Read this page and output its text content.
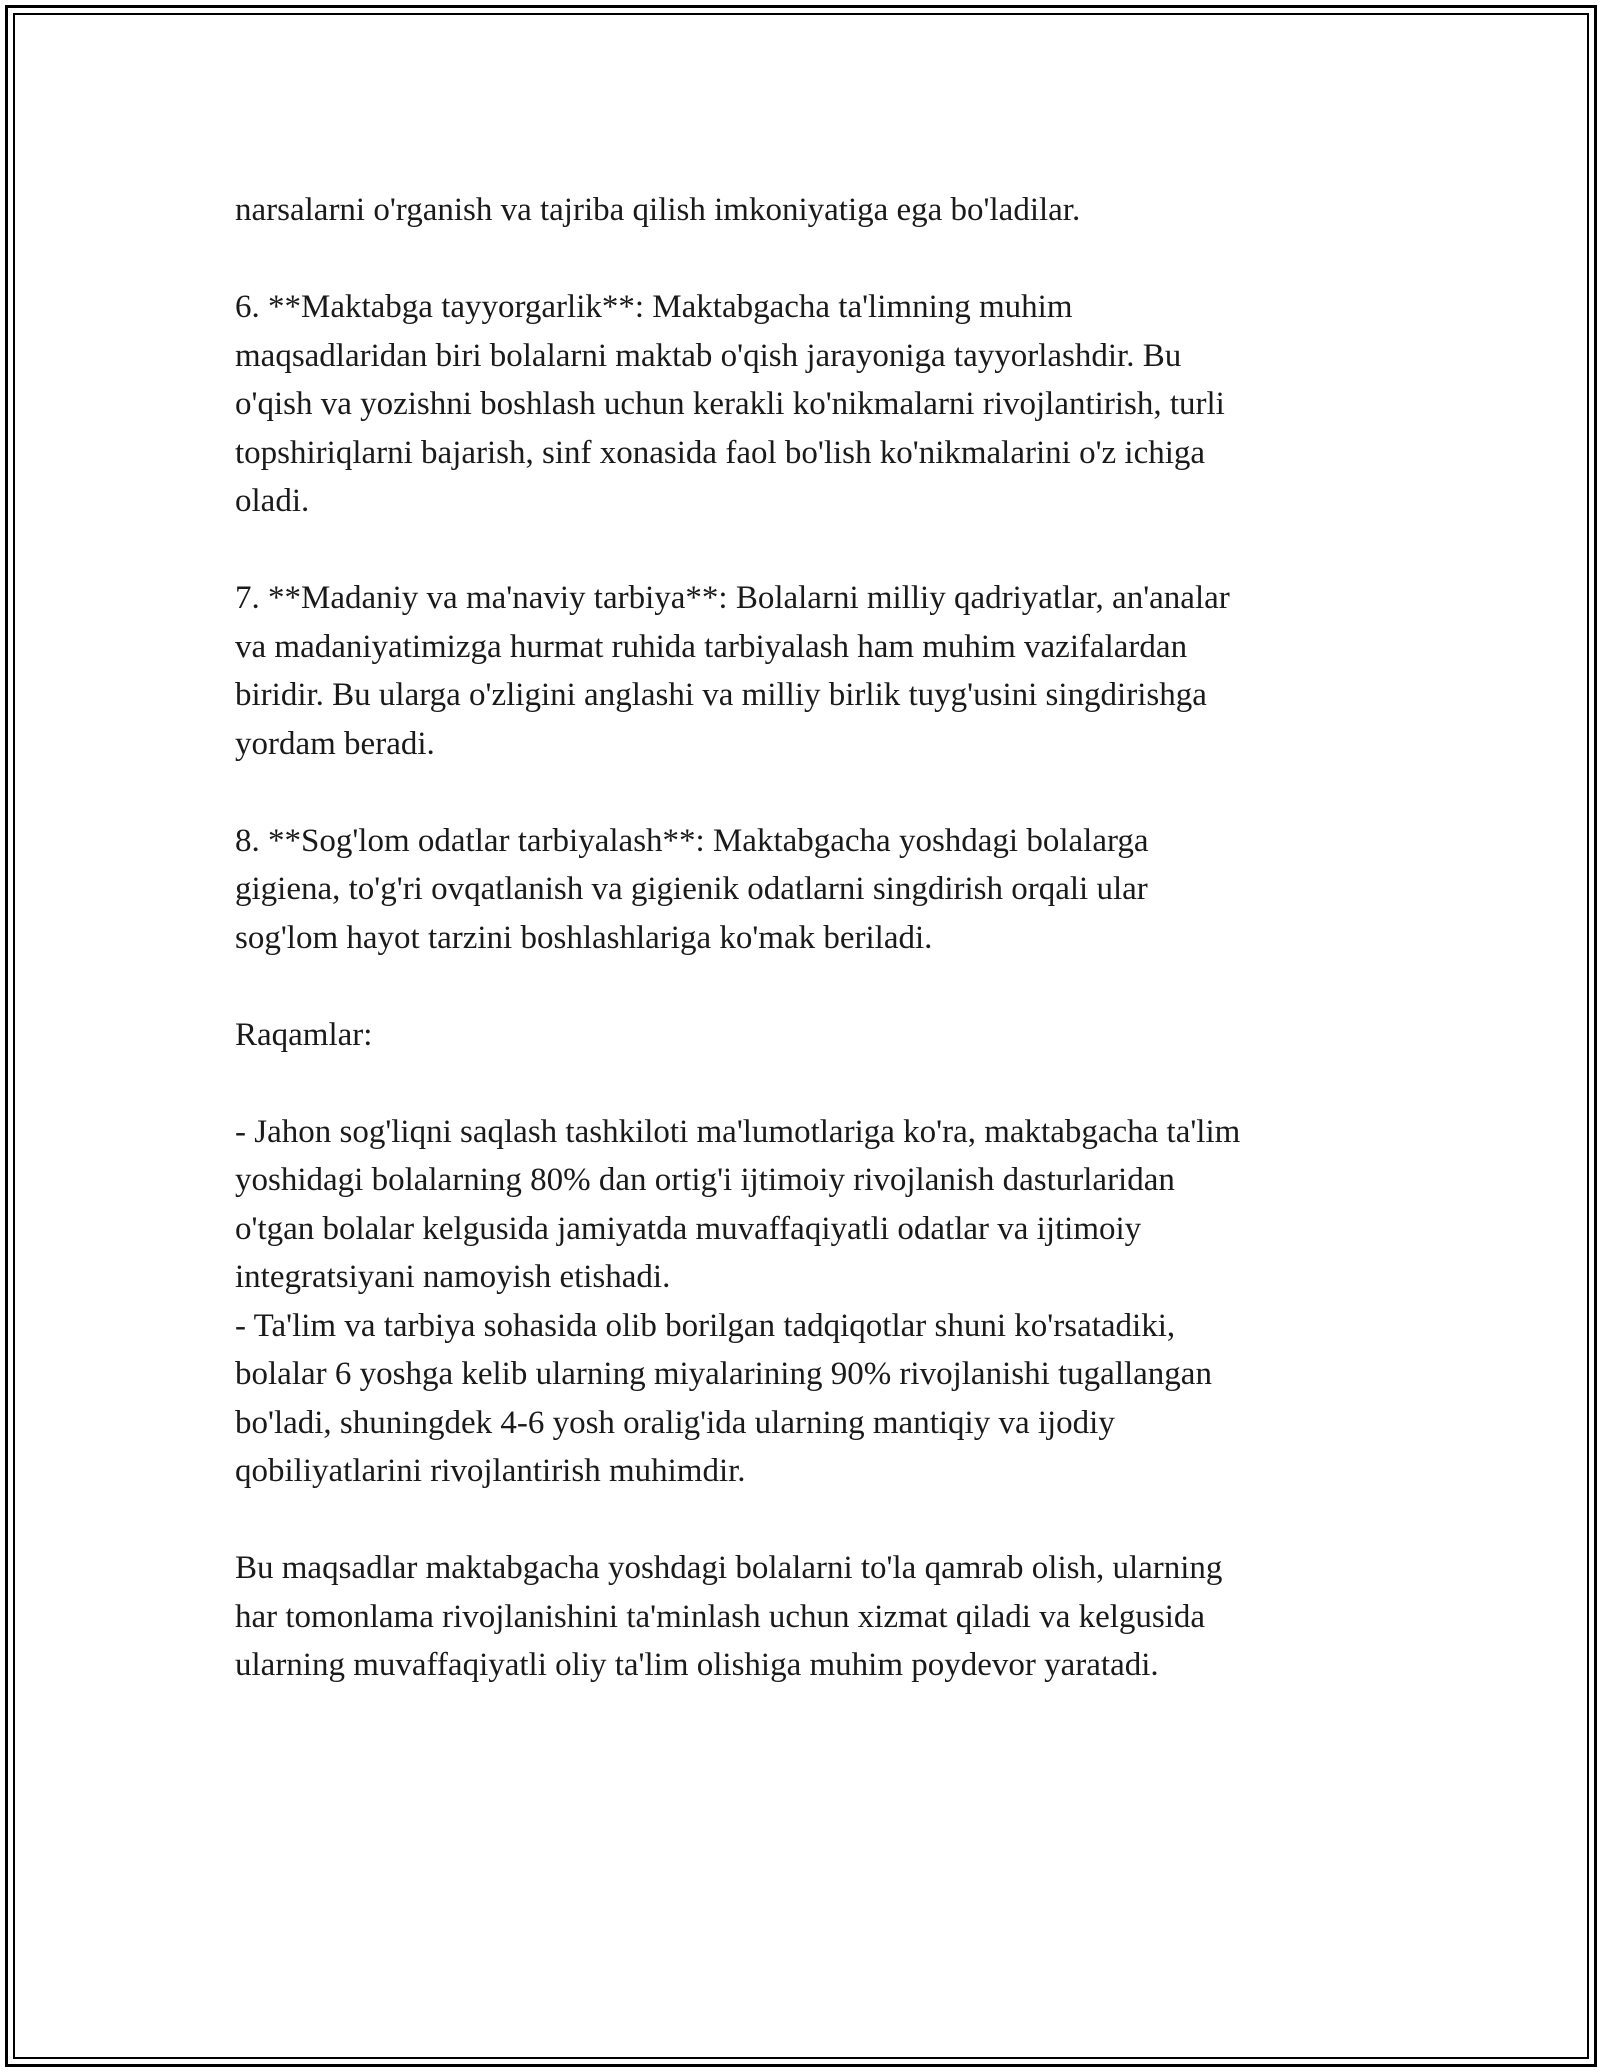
narsalarni o'rganish va tajriba qilish imkoniyatiga ega bo'ladilar.
6. **Maktabga tayyorgarlik**: Maktabgacha ta'limning muhim
maqsadlaridan biri bolalarni maktab o'qish jarayoniga tayyorlashdir. Bu
o'qish va yozishni boshlash uchun kerakli ko'nikmalarni rivojlantirish, turli
topshiriqlarni bajarish, sinf xonasida faol bo'lish ko'nikmalarini o'z ichiga
oladi.
7. **Madaniy va ma'naviy tarbiya**: Bolalarni milliy qadriyatlar, an'analar
va madaniyatimizga hurmat ruhida tarbiyalash ham muhim vazifalardan
biridir. Bu ularga o'zligini anglashi va milliy birlik tuyg'usini singdirishga
yordam beradi.
8. **Sog'lom odatlar tarbiyalash**: Maktabgacha yoshdagi bolalarga
gigiena, to'g'ri ovqatlanish va gigienik odatlarni singdirish orqali ular
sog'lom hayot tarzini boshlashlariga ko'mak beriladi.
Raqamlar:
- Jahon sog'liqni saqlash tashkiloti ma'lumotlariga ko'ra, maktabgacha ta'lim
yoshidagi bolalarning 80% dan ortig'i ijtimoiy rivojlanish dasturlaridan
o'tgan bolalar kelgusida jamiyatda muvaffaqiyatli odatlar va ijtimoiy
integratsiyani namoyish etishadi.
- Ta'lim va tarbiya sohasida olib borilgan tadqiqotlar shuni ko'rsatadiki,
bolalar 6 yoshga kelib ularning miyalarining 90% rivojlanishi tugallangan
bo'ladi, shuningdek 4-6 yosh oralig'ida ularning mantiqiy va ijodiy
qobiliyatlarini rivojlantirish muhimdir.
Bu maqsadlar maktabgacha yoshdagi bolalarni to'la qamrab olish, ularning
har tomonlama rivojlanishini ta'minlash uchun xizmat qiladi va kelgusida
ularning muvaffaqiyatli oliy ta'lim olishiga muhim poydevor yaratadi.
